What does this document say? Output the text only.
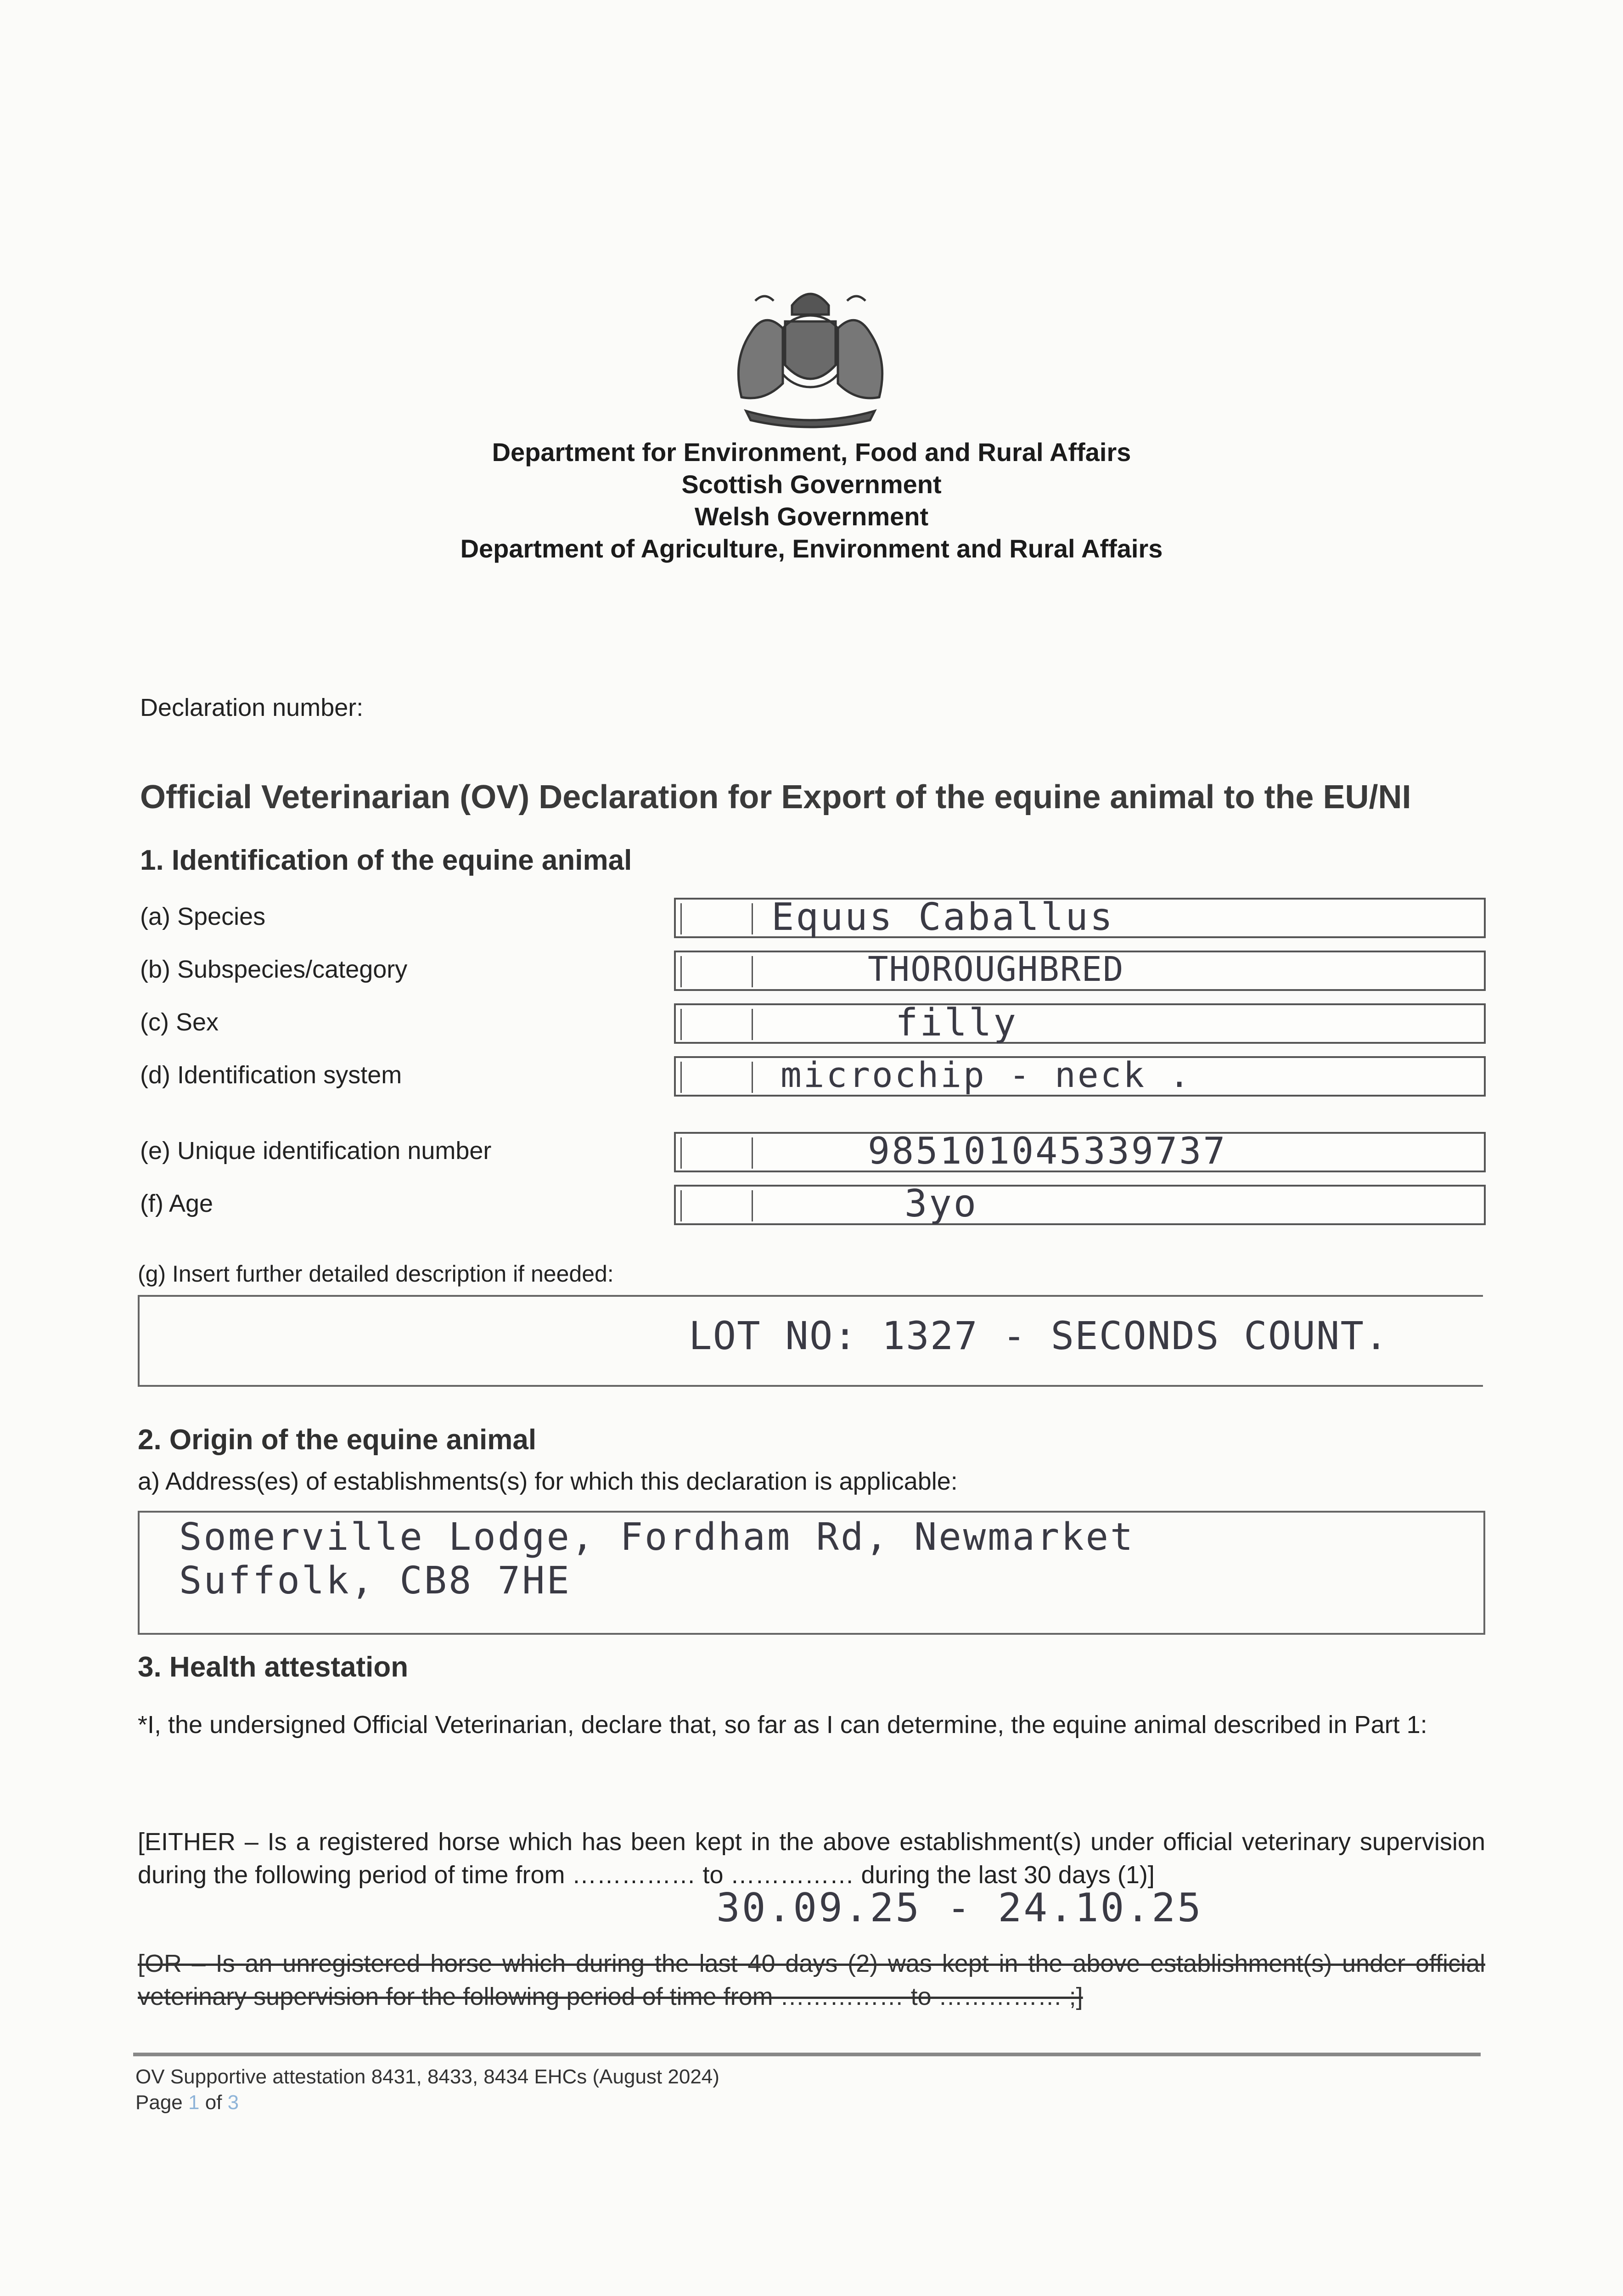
Department for Environment, Food and Rural Affairs
Scottish Government
Welsh Government
Department of Agriculture, Environment and Rural Affairs
Declaration number:
Official Veterinarian (OV) Declaration for Export of the equine animal to the EU/NI
1. Identification of the equine animal
(a) Species	Equus Caballus
(b) Subspecies/category	THOROUGHBRED
(c) Sex	filly
(d) Identification system	microchip - neck .
(e) Unique identification number	985101045339737
(f) Age	3yo
(g) Insert further detailed description if needed:
LOT NO: 1327 - SECONDS COUNT.
2. Origin of the equine animal
a) Address(es) of establishments(s) for which this declaration is applicable:
Somerville Lodge, Fordham Rd, Newmarket
Suffolk, CB8 7HE
3. Health attestation
*I, the undersigned Official Veterinarian, declare that, so far as I can determine, the equine animal described in Part 1:
[EITHER – Is a registered horse which has been kept in the above establishment(s) under official veterinary supervision during the following period of time from …………… to …………… during the last 30 days (1)]
30.09.25 - 24.10.25
[OR – Is an unregistered horse which during the last 40 days (2) was kept in the above establishment(s) under official veterinary supervision for the following period of time from …………… to …………… ;]
OV Supportive attestation 8431, 8433, 8434 EHCs (August 2024)
Page 1 of 3
